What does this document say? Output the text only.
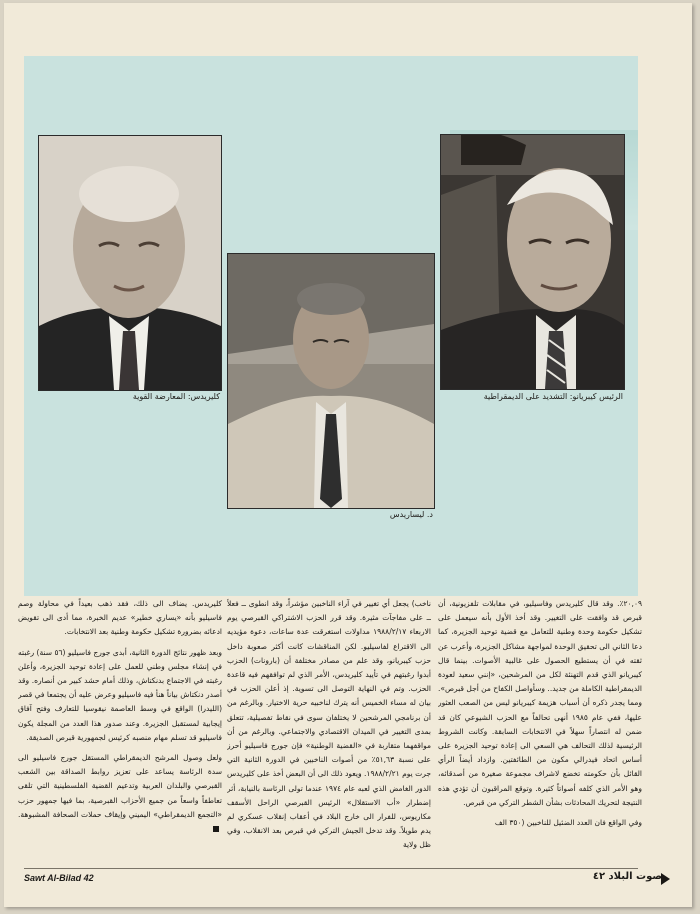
كليريدس: المعارضة القوية
د. ليساريدس
الرئيس كيبريانو: التشديد على الديمقراطية

٢٠,٠٩٪. وقد قال كليريدس وفاسيليو، في مقابلات تلفزيونية، أن قبرص قد وافقت على التغيير. وقد أخذ الأول بأنه سيعمل على تشكيل حكومة وحدة وطنية للتعامل مع قضية توحيد الجزيرة، كما دعا الثاني الى تحقيق الوحدة لمواجهة مشاكل الجزيرة، وأعرب عن ثقته في أن يستطيع الحصول على غالبية الأصوات. بينما قال كيبريانو الذي قدم التهنئة لكل من المرشحين، «إنني سعيد لعودة الديمقراطية الكاملة من جديد.. وسأواصل الكفاح من أجل قبرص». ومما يجدر ذكره أن أسباب هزيمة كيبريانو ليس من الصعب العثور عليها، ففي عام ١٩٨٥ أنهى تحالفاً مع الحزب الشيوعي كان قد ضمن له انتصاراً سهلاً في الانتخابات السابقة. وكانت الشروط الرئيسية لذلك التحالف هي السعي الى إعادة توحيد الجزيرة على أساس اتحاد فيدرالي مكون من الطائفتين. وازداد أيضاً الرأي القائل بأن حكومته تخضع لاشراف مجموعة صغيرة من أصدقائه، وهو الأمر الذي كلفه أصواتاً كثيرة. وتوقع المراقبون أن تؤدي هذه النتيجة لتحريك المحادثات بشأن الشطر التركي من قبرص.

وفي الواقع فان العدد الضئيل للناخبين (٣٥٠ الف

ناخب) يجعل أي تغيير في آراء الناخبين مؤشراً، وقد انطوى ــ فعلاً ــ على مفاجآت مثيرة. وقد قرر الحزب الاشتراكي القبرصي يوم الاربعاء ١٩٨٨/٢/١٧ مداولات استغرقت عدة ساعات، دعوة مؤيديه الى الاقتراع لفاسيليو. لكن المناقشات كانت أكثر صعوبة داخل حزب كيبريانو، وقد علم من مصادر مختلفة أن (بارونات) الحزب أبدوا رغبتهم في تأييد كليريدس، الأمر الذي لم توافقهم فيه قاعدة الحزب. وتم في النهاية التوصل الى تسوية. إذ أعلن الحزب في بيان له مساء الخميس أنه يترك لناخبيه حرية الاختيار. وبالرغم من أن برنامجي المرشحين لا يختلفان سوى في نقاط تفصيلية، تتعلق بمدى التغيير في الميدان الاقتصادي والاجتماعي. وبالرغم من أن مواقفهما متقاربة في «القضية الوطنية» فإن جورج فاسيليو أحرز على نسبة ٥١,٦٣٪ من أصوات الناخبين في الدورة الثانية التي جرت يوم ١٩٨٨/٢/٢١. ويعود ذلك الى أن البعض أخذ على كليريدس الدور الغامض الذي لعبه عام ١٩٧٤ عندما تولى الرئاسة بالنيابة، أثر إضطرار «أب الاستقلال» الرئيس القبرصي الراحل الأسقف مكاريوس، للفرار الى خارج البلاد في أعقاب إنقلاب عسكري لم يدم طويلاً. وقد تدخل الجيش التركي في قبرص بعد الانقلاب، وفي ظل ولاية

كليريدس. يضاف الى ذلك، فقد ذهب بعيداً في محاولة وصم فاسيليو بأنه «يساري خطير» عديم الخبرة، مما أدى الى تقويض ادعائه بضرورة تشكيل حكومة وطنية بعد الانتخابات.

وبعد ظهور نتائج الدورة الثانية، أبدى جورج فاسيليو (٥٦ سنة) رغبته في إنشاء مجلس وطني للعمل على إعادة توحيد الجزيرة، وأعلن رغبته في الاجتماع بدنكتاش، وذلك أمام حشد كبير من أنصاره. وقد أصدر دنكتاش بياناً هنأ فيه فاسيليو وعرض عليه أن يجتمعا في قصر (الليدرا) الواقع في وسط العاصمة نيقوسيا للتعارف وفتح آفاق إيجابية لمستقبل الجزيرة. وعند صدور هذا العدد من المجلة يكون فاسيليو قد تسلم مهام منصبه كرئيس لجمهورية قبرص الصديقة.

ولعل وصول المرشح الديمقراطي المستقل جورج فاسيليو الى سدة الرئاسة يساعد على تعزيز روابط الصداقة بين الشعب القبرصي والبلدان العربية وتدعيم القضية الفلسطينية التي تلقى تعاطفاً واسعاً من جميع الأحزاب القبرصية، بما فيها جمهور حزب «التجمع الديمقراطي» اليميني وإيقاف حملات الصحافة المشبوهة.

Sawt Al-Bilad 42	صوت البلاد ٤٢
